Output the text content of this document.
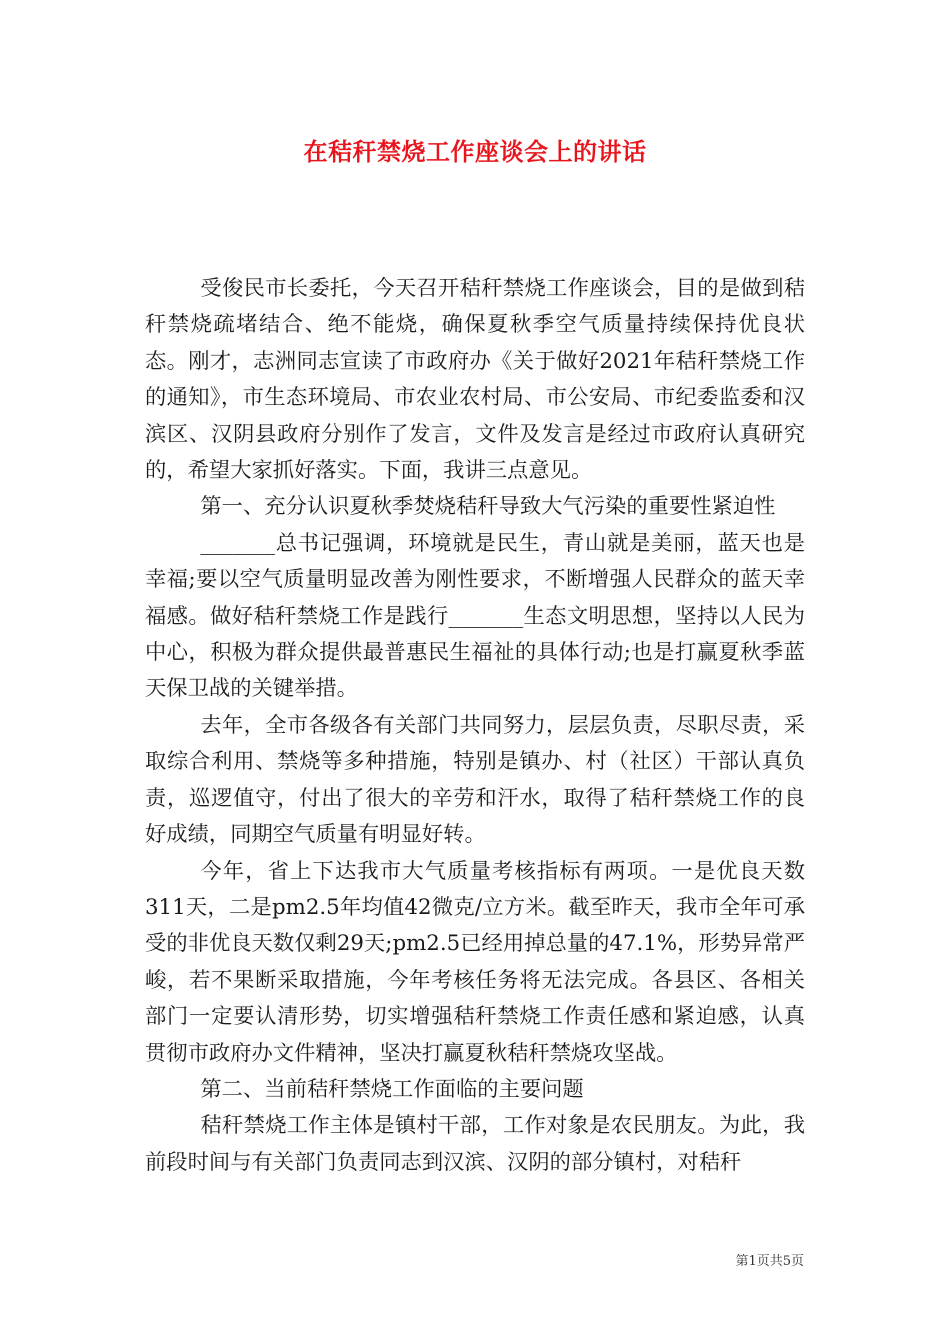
在秸秆禁烧工作座谈会上的讲话

受俊民市长委托，今天召开秸秆禁烧工作座谈会，目的是做到秸秆禁烧疏堵结合、绝不能烧，确保夏秋季空气质量持续保持优良状态。刚才，志洲同志宣读了市政府办《关于做好2021年秸秆禁烧工作的通知》，市生态环境局、市农业农村局、市公安局、市纪委监委和汉滨区、汉阴县政府分别作了发言，文件及发言是经过市政府认真研究的，希望大家抓好落实。下面，我讲三点意见。

第一、充分认识夏秋季焚烧秸秆导致大气污染的重要性紧迫性

_______总书记强调，环境就是民生，青山就是美丽，蓝天也是幸福;要以空气质量明显改善为刚性要求，不断增强人民群众的蓝天幸福感。做好秸秆禁烧工作是践行_______生态文明思想，坚持以人民为中心，积极为群众提供最普惠民生福祉的具体行动;也是打赢夏秋季蓝天保卫战的关键举措。

去年，全市各级各有关部门共同努力，层层负责，尽职尽责，采取综合利用、禁烧等多种措施，特别是镇办、村（社区）干部认真负责，巡逻值守，付出了很大的辛劳和汗水，取得了秸秆禁烧工作的良好成绩，同期空气质量有明显好转。

今年，省上下达我市大气质量考核指标有两项。一是优良天数311天，二是pm2.5年均值42微克/立方米。截至昨天，我市全年可承受的非优良天数仅剩29天;pm2.5已经用掉总量的47.1%，形势异常严峻，若不果断采取措施，今年考核任务将无法完成。各县区、各相关部门一定要认清形势，切实增强秸秆禁烧工作责任感和紧迫感，认真贯彻市政府办文件精神，坚决打赢夏秋秸秆禁烧攻坚战。

第二、当前秸秆禁烧工作面临的主要问题

秸秆禁烧工作主体是镇村干部，工作对象是农民朋友。为此，我前段时间与有关部门负责同志到汉滨、汉阴的部分镇村，对秸秆

第1页共5页
